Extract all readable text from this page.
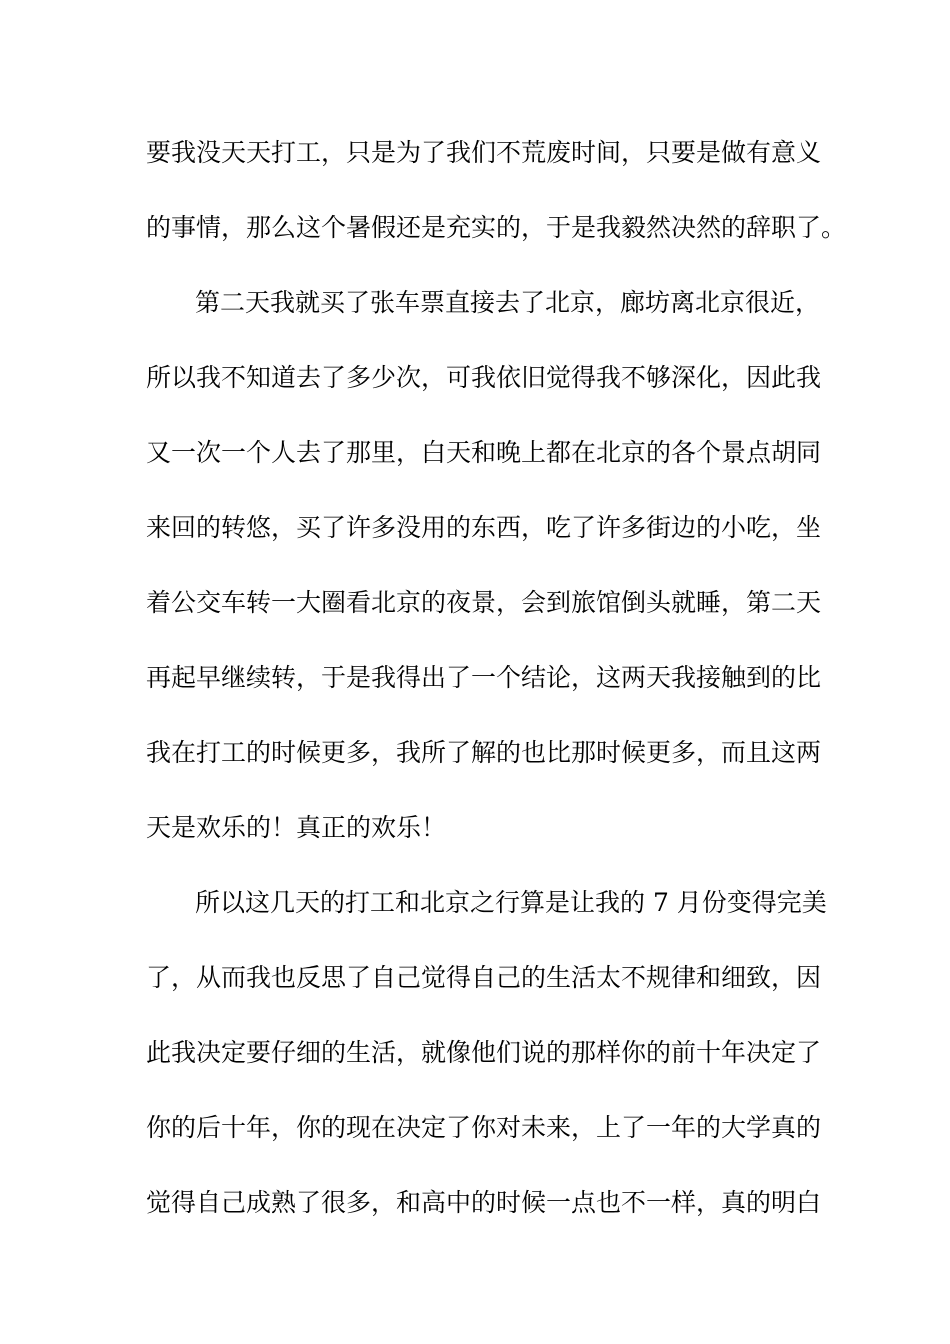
要我没天天打工，只是为了我们不荒废时间，只要是做有意义
的事情，那么这个暑假还是充实的，于是我毅然决然的辞职了。
第二天我就买了张车票直接去了北京，廊坊离北京很近，
所以我不知道去了多少次，可我依旧觉得我不够深化，因此我
又一次一个人去了那里，白天和晚上都在北京的各个景点胡同
来回的转悠，买了许多没用的东西，吃了许多街边的小吃，坐
着公交车转一大圈看北京的夜景，会到旅馆倒头就睡，第二天
再起早继续转，于是我得出了一个结论，这两天我接触到的比
我在打工的时候更多，我所了解的也比那时候更多，而且这两
天是欢乐的！真正的欢乐！
所以这几天的打工和北京之行算是让我的 7 月份变得完美
了，从而我也反思了自己觉得自己的生活太不规律和细致，因
此我决定要仔细的生活，就像他们说的那样你的前十年决定了
你的后十年，你的现在决定了你对未来，上了一年的大学真的
觉得自己成熟了很多，和高中的时候一点也不一样，真的明白
